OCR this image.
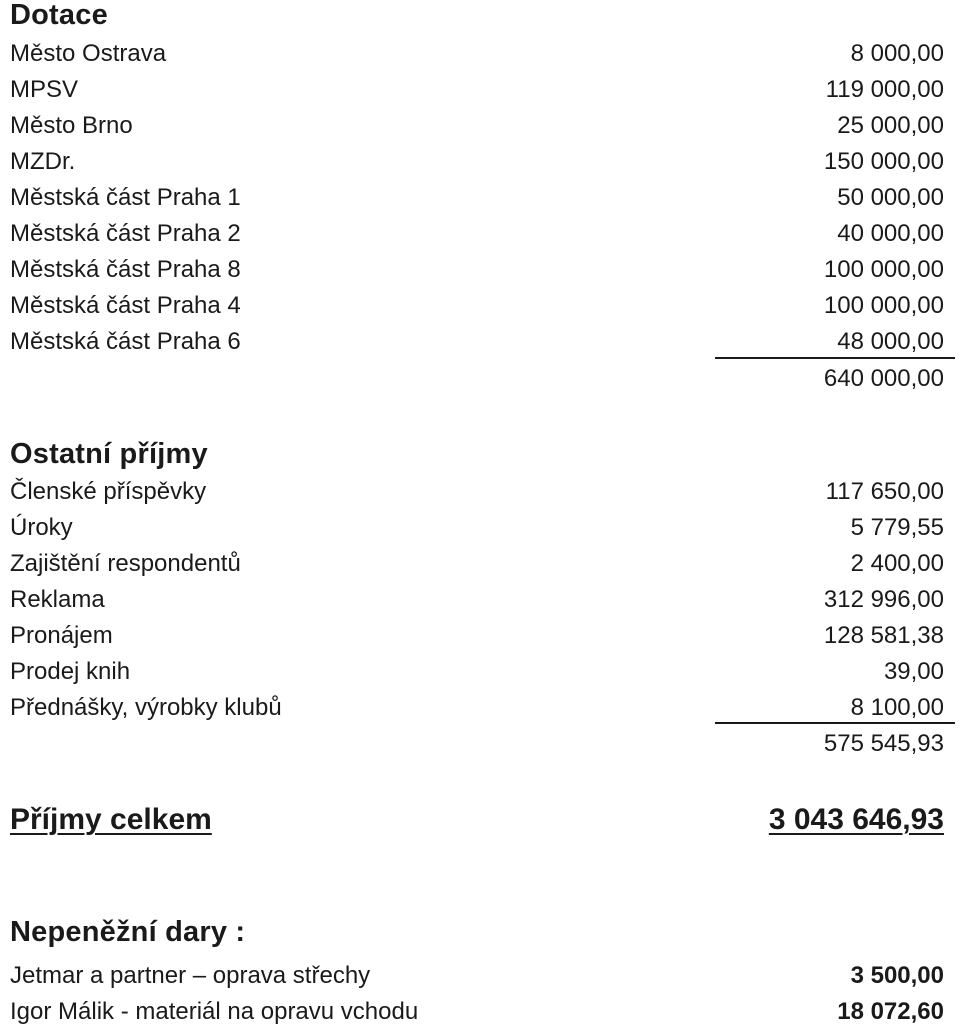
Dotace
Město Ostrava	8 000,00
MPSV	119 000,00
Město Brno	25 000,00
MZDr.	150 000,00
Městská část Praha 1	50 000,00
Městská část Praha 2	40 000,00
Městská část Praha 8	100 000,00
Městská část Praha 4	100 000,00
Městská část Praha 6	48 000,00
640 000,00
Ostatní příjmy
Členské příspěvky	117 650,00
Úroky	5 779,55
Zajištění respondentů	2 400,00
Reklama	312 996,00
Pronájem	128 581,38
Prodej knih	39,00
Přednášky, výrobky klubů	8 100,00
575 545,93
Příjmy celkem	3 043 646,93
Nepeněžní dary :
Jetmar a partner – oprava střechy	3 500,00
Igor Málik - materiál na opravu vchodu	18 072,60
